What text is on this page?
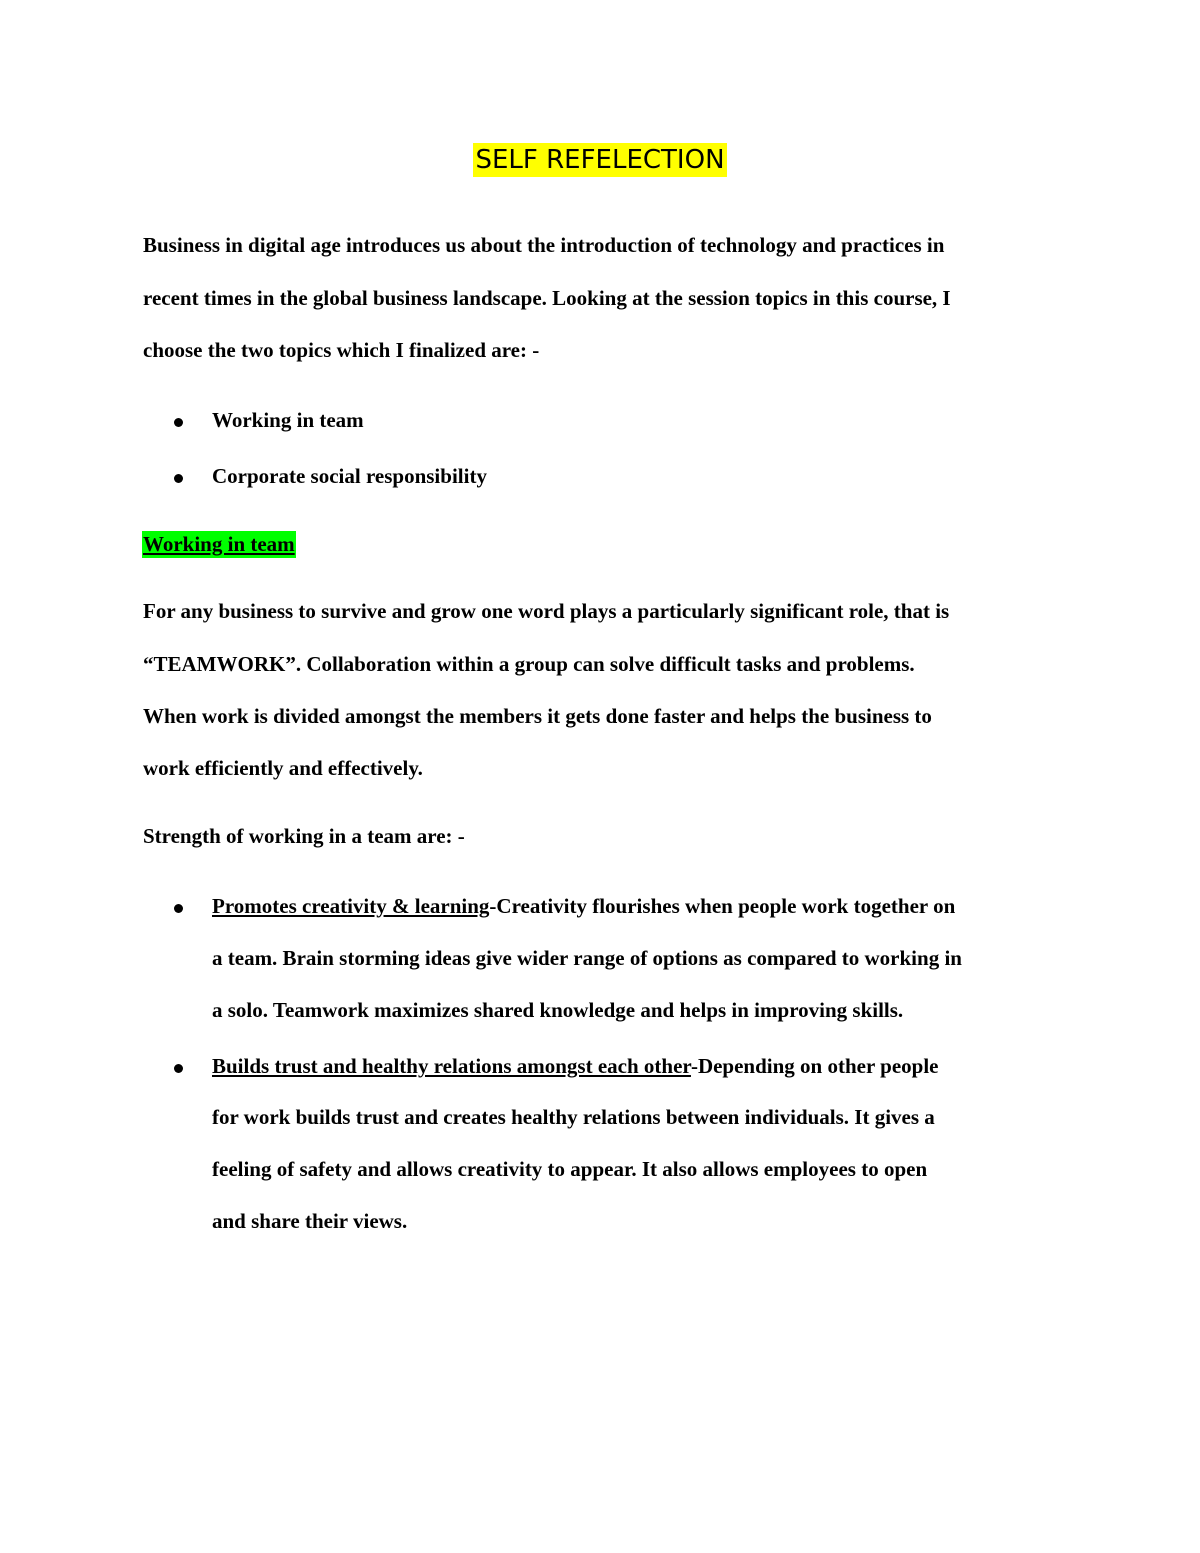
SELF REFELECTION
Business in digital age introduces us about the introduction of technology and practices in
recent times in the global business landscape. Looking at the session topics in this course, I
choose the two topics which I finalized are: -
Working in team
Corporate social responsibility
Working in team
For any business to survive and grow one word plays a particularly significant role, that is
“TEAMWORK”. Collaboration within a group can solve difficult tasks and problems.
When work is divided amongst the members it gets done faster and helps the business to
work efficiently and effectively.
Strength of working in a team are: -
Promotes creativity & learning-Creativity flourishes when people work together on
a team. Brain storming ideas give wider range of options as compared to working in
a solo. Teamwork maximizes shared knowledge and helps in improving skills.
Builds trust and healthy relations amongst each other-Depending on other people
for work builds trust and creates healthy relations between individuals. It gives a
feeling of safety and allows creativity to appear. It also allows employees to open
and share their views.
